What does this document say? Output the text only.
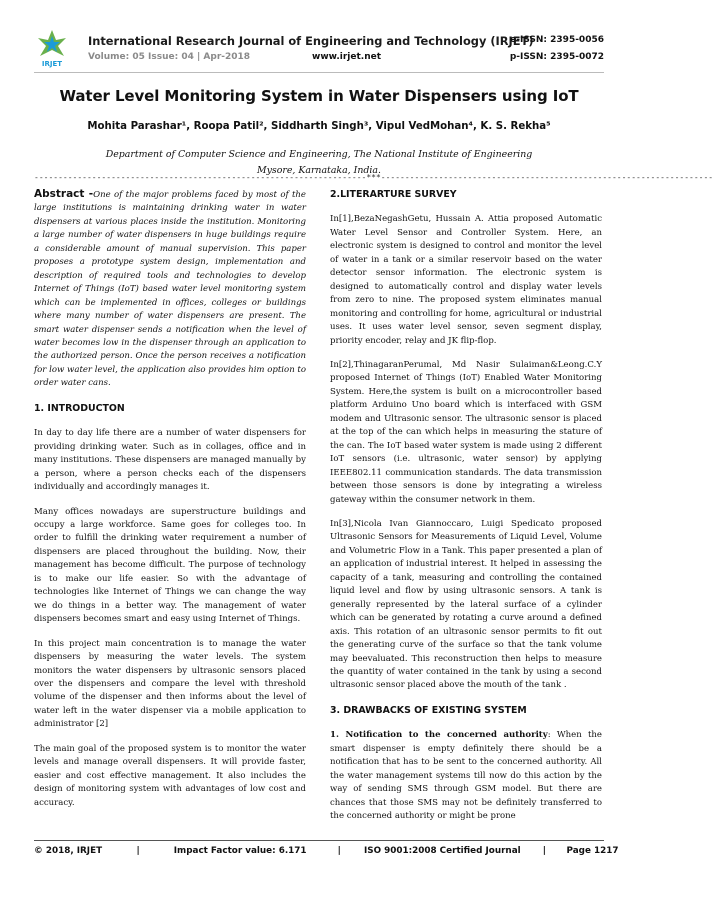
IRJET
International Research Journal of Engineering and Technology (IRJET)
e-ISSN: 2395-0056
Volume: 05 Issue: 04 | Apr-2018	www.irjet.net	p-ISSN: 2395-0072
Water Level Monitoring System in Water Dispensers using IoT
Mohita Parashar¹, Roopa Patil², Siddharth Singh³, Vipul VedMohan⁴, K. S. Rekha⁵
Department of Computer Science and Engineering, The National Institute of Engineering
Mysore, Karnataka, India.
---------------------------------------------------------------------***---------------------------------------------------------------------

Abstract -One of the major problems faced by most of the large institutions is maintaining drinking water in water dispensers at various places inside the institution. Monitoring a large number of water dispensers in huge buildings require a considerable amount of manual supervision. This paper proposes a prototype system design, implementation and description of required tools and technologies to develop Internet of Things (IoT) based water level monitoring system which can be implemented in offices, colleges or buildings where many number of water dispensers are present. The smart water dispenser sends a notification when the level of water becomes low in the dispenser through an application to the authorized person. Once the person receives a notification for low water level, the application also provides him option to order water cans.

1. INTRODUCTON

In day to day life there are a number of water dispensers for providing drinking water. Such as in collages, office and in many institutions. These dispensers are managed manually by a person, where a person checks each of the dispensers individually and accordingly manages it.

Many offices nowadays are superstructure buildings and occupy a large workforce. Same goes for colleges too. In order to fulfill the drinking water requirement a number of dispensers are placed throughout the building. Now, their management has become difficult. The purpose of technology is to make our life easier. So with the advantage of technologies like Internet of Things we can change the way we do things in a better way. The management of water dispensers becomes smart and easy using Internet of Things.

In this project main concentration is to manage the water dispensers by measuring the water levels. The system monitors the water dispensers by ultrasonic sensors placed over the dispensers and compare the level with threshold volume of the dispenser and then informs about the level of water left in the water dispenser via a mobile application to administrator [2]

The main goal of the proposed system is to monitor the water levels and manage overall dispensers. It will provide faster, easier and cost effective management. It also includes the design of monitoring system with advantages of low cost and accuracy.

2.LITERARTURE SURVEY

In[1],BezaNegashGetu, Hussain A. Attia proposed Automatic Water Level Sensor and Controller System. Here, an electronic system is designed to control and monitor the level of water in a tank or a similar reservoir based on the water detector sensor information. The electronic system is designed to automatically control and display water levels from zero to nine. The proposed system eliminates manual monitoring and controlling for home, agricultural or industrial uses. It uses water level sensor, seven segment display, priority encoder, relay and JK flip-flop.

In[2],ThinagaranPerumal, Md Nasir Sulaiman&Leong.C.Y proposed Internet of Things (IoT) Enabled Water Monitoring System. Here,the system is built on a microcontroller based platform Arduino Uno board which is interfaced with GSM modem and Ultrasonic sensor. The ultrasonic sensor is placed at the top of the can which helps in measuring the stature of the can. The IoT based water system is made using 2 different IoT sensors (i.e. ultrasonic, water sensor) by applying IEEE802.11 communication standards. The data transmission between those sensors is done by integrating a wireless gateway within the consumer network in them.

In[3],Nicola Ivan Giannoccaro, Luigi Spedicato proposed Ultrasonic Sensors for Measurements of Liquid Level, Volume and Volumetric Flow in a Tank. This paper presented a plan of an application of industrial interest. It helped in assessing the capacity of a tank, measuring and controlling the contained liquid level and flow by using ultrasonic sensors. A tank is generally represented by the lateral surface of a cylinder which can be generated by rotating a curve around a defined axis. This rotation of an ultrasonic sensor permits to fit out the generating curve of the surface so that the tank volume may beevaluated. This reconstruction then helps to measure the quantity of water contained in the tank by using a second ultrasonic sensor placed above the mouth of the tank .

3. DRAWBACKS OF EXISTING SYSTEM

1. Notification to the concerned authority: When the smart dispenser is empty definitely there should be a notification that has to be sent to the concerned authority. All the water management systems till now do this action by the way of sending SMS through GSM model. But there are chances that those SMS may not be definitely transferred to the concerned authority or might be prone

© 2018, IRJET	|	Impact Factor value: 6.171	|	ISO 9001:2008 Certified Journal	| Page 1217
